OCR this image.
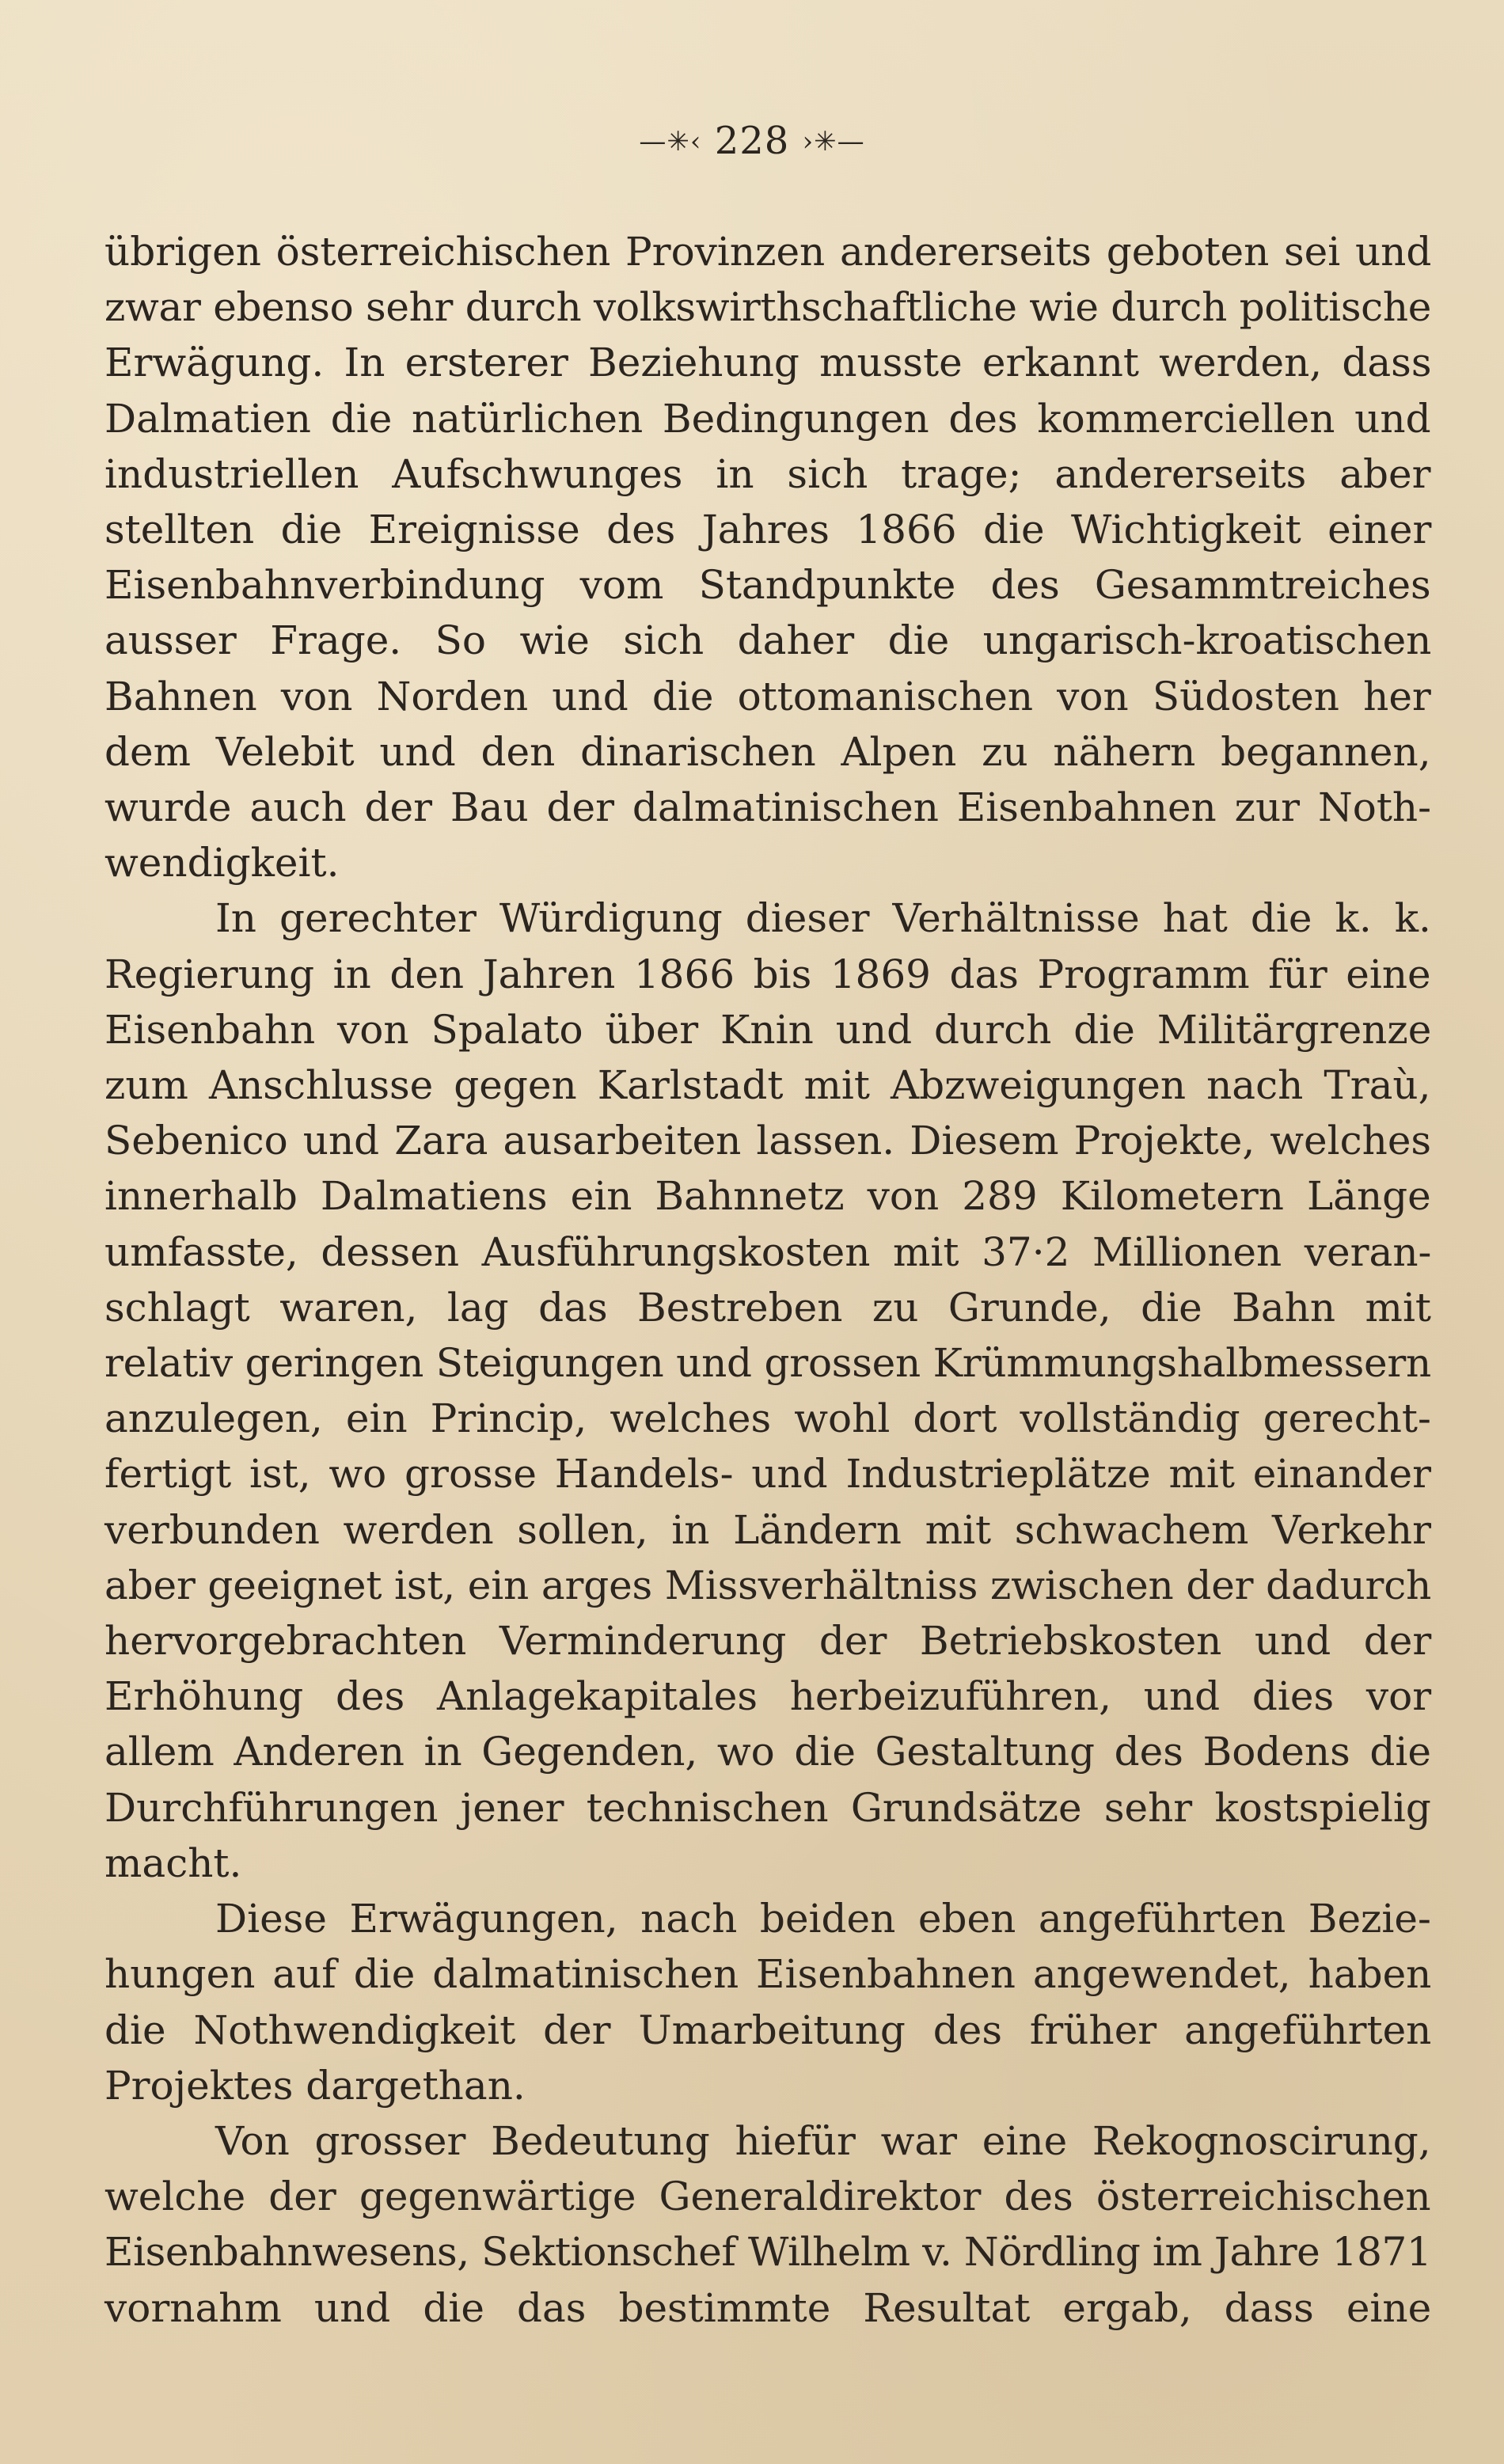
—✳‹ 228 ›✳—
übrigen österreichischen Provinzen andererseits geboten sei und
zwar ebenso sehr durch volkswirthschaftliche wie durch politische
Erwägung. In ersterer Beziehung musste erkannt werden, dass
Dalmatien die natürlichen Bedingungen des kommerciellen und
industriellen Aufschwunges in sich trage; andererseits aber
stellten die Ereignisse des Jahres 1866 die Wichtigkeit einer
Eisenbahnverbindung vom Standpunkte des Gesammtreiches
ausser Frage. So wie sich daher die ungarisch-kroatischen
Bahnen von Norden und die ottomanischen von Südosten her
dem Velebit und den dinarischen Alpen zu nähern begannen,
wurde auch der Bau der dalmatinischen Eisenbahnen zur Noth-
wendigkeit.
In gerechter Würdigung dieser Verhältnisse hat die k. k.
Regierung in den Jahren 1866 bis 1869 das Programm für eine
Eisenbahn von Spalato über Knin und durch die Militärgrenze
zum Anschlusse gegen Karlstadt mit Abzweigungen nach Traù,
Sebenico und Zara ausarbeiten lassen. Diesem Projekte, welches
innerhalb Dalmatiens ein Bahnnetz von 289 Kilometern Länge
umfasste, dessen Ausführungskosten mit 37·2 Millionen veran-
schlagt waren, lag das Bestreben zu Grunde, die Bahn mit
relativ geringen Steigungen und grossen Krümmungshalbmessern
anzulegen, ein Princip, welches wohl dort vollständig gerecht-
fertigt ist, wo grosse Handels- und Industrieplätze mit einander
verbunden werden sollen, in Ländern mit schwachem Verkehr
aber geeignet ist, ein arges Missverhältniss zwischen der dadurch
hervorgebrachten Verminderung der Betriebskosten und der
Erhöhung des Anlagekapitales herbeizuführen, und dies vor
allem Anderen in Gegenden, wo die Gestaltung des Bodens die
Durchführungen jener technischen Grundsätze sehr kostspielig
macht.
Diese Erwägungen, nach beiden eben angeführten Bezie-
hungen auf die dalmatinischen Eisenbahnen angewendet, haben
die Nothwendigkeit der Umarbeitung des früher angeführten
Projektes dargethan.
Von grosser Bedeutung hiefür war eine Rekognoscirung,
welche der gegenwärtige Generaldirektor des österreichischen
Eisenbahnwesens, Sektionschef Wilhelm v. Nördling im Jahre 1871
vornahm und die das bestimmte Resultat ergab, dass eine
